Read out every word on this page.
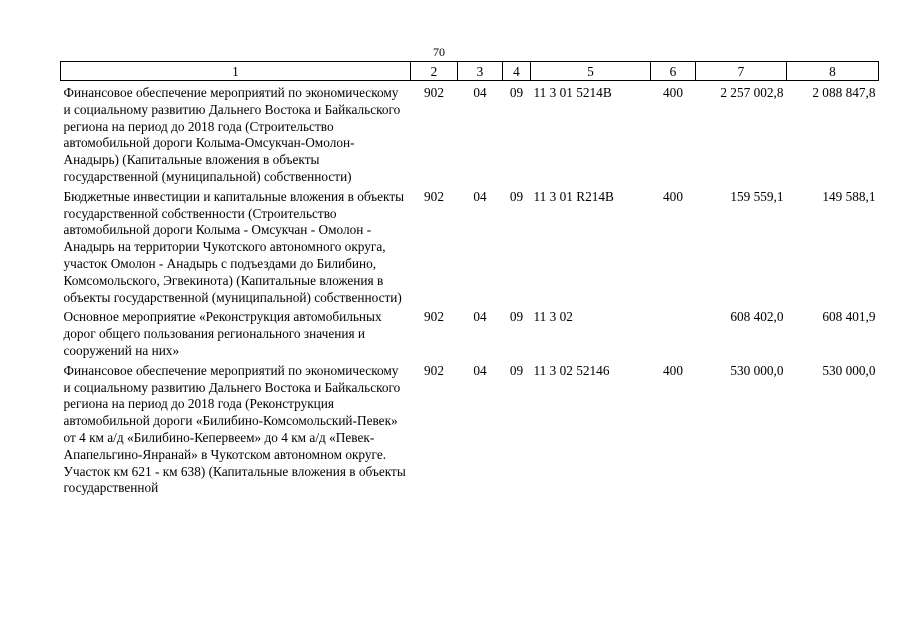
70
1	2	3	4	5	6	7	8
Финансовое обеспечение мероприятий по экономическому и социальному развитию Дальнего Востока и Байкальского региона на период до 2018 года (Строительство автомобильной дороги Колыма-Омсукчан-Омолон-Анадырь) (Капитальные вложения в объекты государственной (муниципальной) собственности)	902	04	09	11 3 01 5214B	400	2 257 002,8	2 088 847,8
Бюджетные инвестиции и капитальные вложения в объекты государственной собственности (Строительство автомобильной дороги Колыма - Омсукчан - Омолон - Анадырь на территории Чукотского автономного округа, участок Омолон - Анадырь с подъездами до Билибино, Комсомольского, Эгвекинота) (Капитальные вложения в объекты государственной (муниципальной) собственности)	902	04	09	11 3 01 R214B	400	159 559,1	149 588,1
Основное мероприятие «Реконструкция автомобильных дорог общего пользования регионального значения и сооружений на них»	902	04	09	11 3 02		608 402,0	608 401,9
Финансовое обеспечение мероприятий по экономическому и социальному развитию Дальнего Востока и Байкальского региона на период до 2018 года (Реконструкция автомобильной дороги «Билибино-Комсомольский-Певек» от 4 км а/д «Билибино-Кепервеем» до 4 км а/д «Певек-Апапельгино-Янранай» в Чукотском автономном округе. Участок км 621 - км 638) (Капитальные вложения в объекты государственной	902	04	09	11 3 02 52146	400	530 000,0	530 000,0
